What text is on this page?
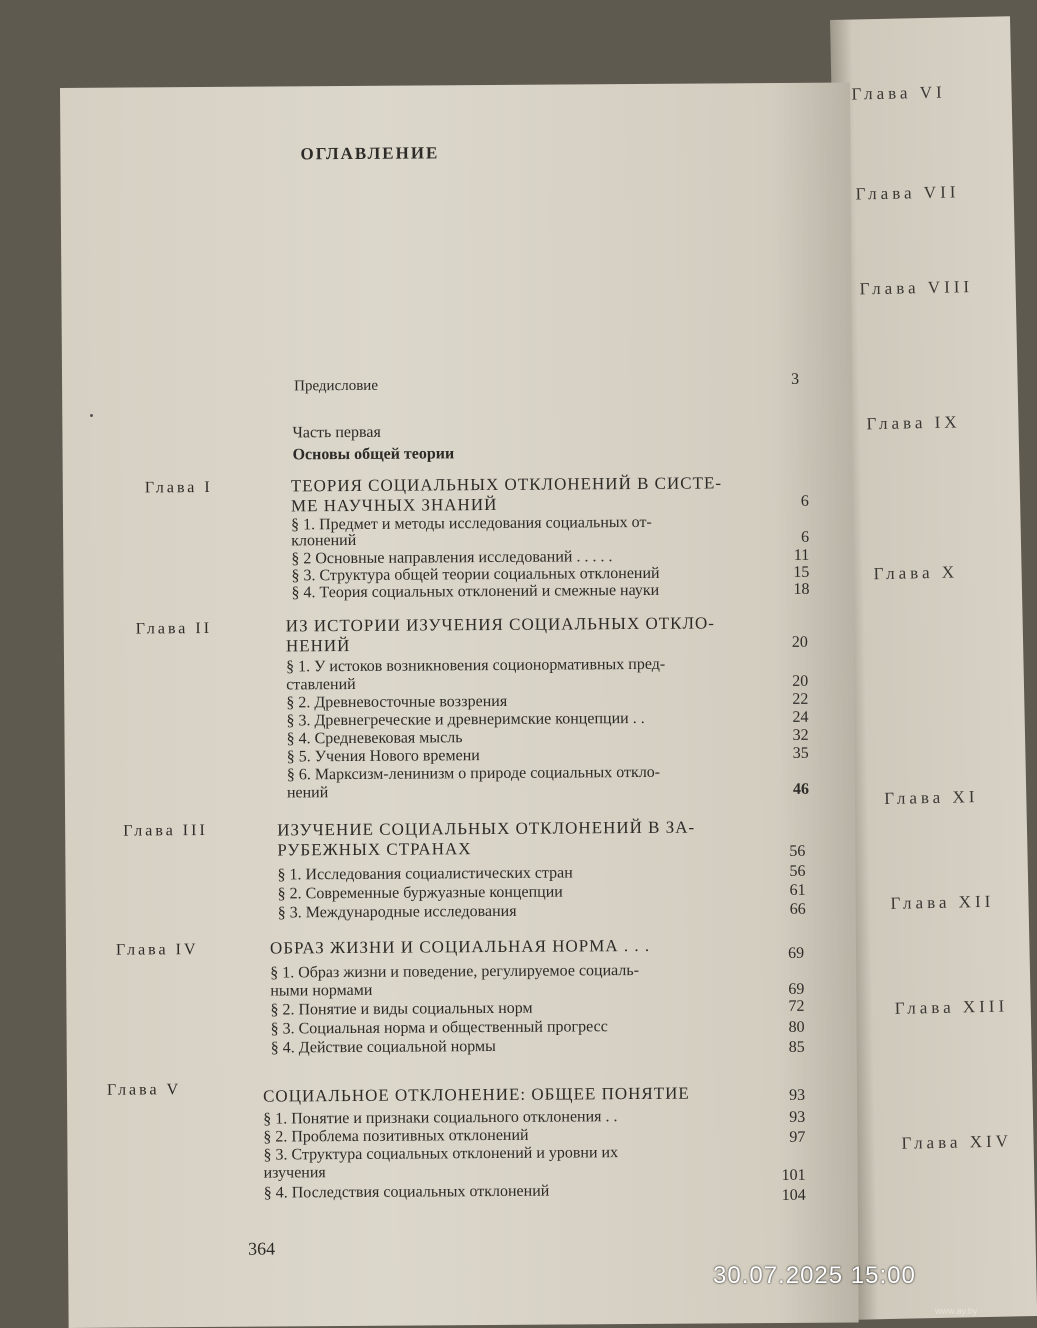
Глава VI
Глава VII
Глава VIII
Глава IX
Глава X
Глава XI
Глава XII
Глава XIII
Глава XIV
ОГЛАВЛЕНИЕ
Предисловие	3
Часть первая
Основы общей теории
Глава I	ТЕОРИЯ СОЦИАЛЬНЫХ ОТКЛОНЕНИЙ В СИСТЕ-
МЕ НАУЧНЫХ ЗНАНИЙ	6
§ 1. Предмет и методы исследования социальных от-
клонений	6
§ 2 Основные направления исследований . . . . .	11
§ 3. Структура общей теории социальных отклонений	15
§ 4. Теория социальных отклонений и смежные науки	18
Глава II	ИЗ ИСТОРИИ ИЗУЧЕНИЯ СОЦИАЛЬНЫХ ОТКЛО-
НЕНИЙ	20
§ 1. У истоков возникновения соционормативных пред-
ставлений	20
§ 2. Древневосточные воззрения	22
§ 3. Древнегреческие и древнеримские концепции . .	24
§ 4. Средневековая мысль	32
§ 5. Учения Нового времени	35
§ 6. Марксизм-ленинизм о природе социальных откло-
нений	46
Глава III	ИЗУЧЕНИЕ СОЦИАЛЬНЫХ ОТКЛОНЕНИЙ В ЗА-
РУБЕЖНЫХ СТРАНАХ	56
§ 1. Исследования социалистических стран	56
§ 2. Современные буржуазные концепции	61
§ 3. Международные исследования	66
Глава IV	ОБРАЗ ЖИЗНИ И СОЦИАЛЬНАЯ НОРМА . . .	69
§ 1. Образ жизни и поведение, регулируемое социаль-
ными нормами	69
§ 2. Понятие и виды социальных норм	72
§ 3. Социальная норма и общественный прогресс	80
§ 4. Действие социальной нормы	85
Глава V	СОЦИАЛЬНОЕ ОТКЛОНЕНИЕ: ОБЩЕЕ ПОНЯТИЕ	93
§ 1. Понятие и признаки социального отклонения . .	93
§ 2. Проблема позитивных отклонений	97
§ 3. Структура социальных отклонений и уровни их
изучения	101
§ 4. Последствия социальных отклонений	104
364
30.07.2025 15:00
www.ay.by
